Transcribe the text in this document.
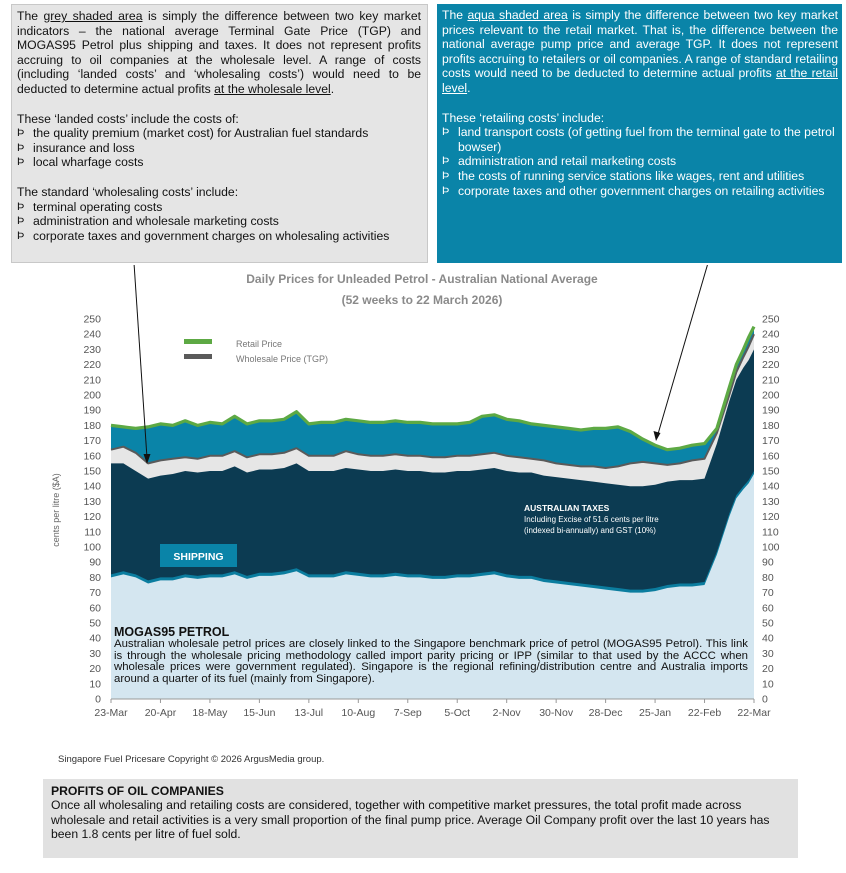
The grey shaded area is simply the difference between two key market indicators – the national average Terminal Gate Price (TGP) and MOGAS95 Petrol plus shipping and taxes. It does not represent profits accruing to oil companies at the wholesale level. A range of costs (including ‘landed costs’ and ‘wholesaling costs’) would need to be deducted to determine actual profits at the wholesale level.

These ‘landed costs’ include the costs of:

Þ the quality premium (market cost) for Australian fuel standards
Þ insurance and loss
Þ local wharfage costs

The standard ‘wholesaling costs’ include:

Þ terminal operating costs
Þ administration and wholesale marketing costs
Þ corporate taxes and government charges on wholesaling activities

The aqua shaded area is simply the difference between two key market prices relevant to the retail market. That is, the difference between the national average pump price and average TGP. It does not represent profits accruing to retailers or oil companies. A range of standard retailing costs would need to be deducted to determine actual profits at the retail level.

These ‘retailing costs’ include:

Þ land transport costs (of getting fuel from the terminal gate to the petrol bowser)
Þ administration and retail marketing costs
Þ the costs of running service stations like wages, rent and utilities
Þ corporate taxes and other government charges on retailing activities
Daily Prices for Unleaded Petrol - Australian National Average
(52 weeks to 22 March 2026)
cents per litre ($A)
0	0
10	10
20	20
30	30
40	40
50	50
60	60
70	70
80	80
90	90
100	100
110	110
120	120
130	130
140	140
150	150
160	160
170	170
180	180
190	190
200	200
210	210
220	220
230	230
240	240
250	250
23-Mar 20-Apr 18-May 15-Jun 13-Jul 10-Aug 7-Sep 5-Oct 2-Nov 30-Nov 28-Dec 25-Jan 22-Feb 22-Mar
Retail Price
Wholesale Price (TGP)
SHIPPING
AUSTRALIAN TAXES
Including Excise of 51.6 cents per litre
(indexed bi-annually) and GST (10%)
MOGAS95 PETROL
Australian wholesale petrol prices are closely linked to the Singapore benchmark price of petrol (MOGAS95 Petrol). This link is through the wholesale pricing methodology called import parity pricing or IPP (similar to that used by the ACCC when wholesale prices were government regulated). Singapore is the regional refining/distribution centre and Australia imports around a quarter of its fuel (mainly from Singapore).
Singapore Fuel Pricesare Copyright © 2026 ArgusMedia group.
PROFITS OF OIL COMPANIES

Once all wholesaling and retailing costs are considered, together with competitive market pressures, the total profit made across wholesale and retail activities is a very small proportion of the final pump price. Average Oil Company profit over the last 10 years has been 1.8 cents per litre of fuel sold.
